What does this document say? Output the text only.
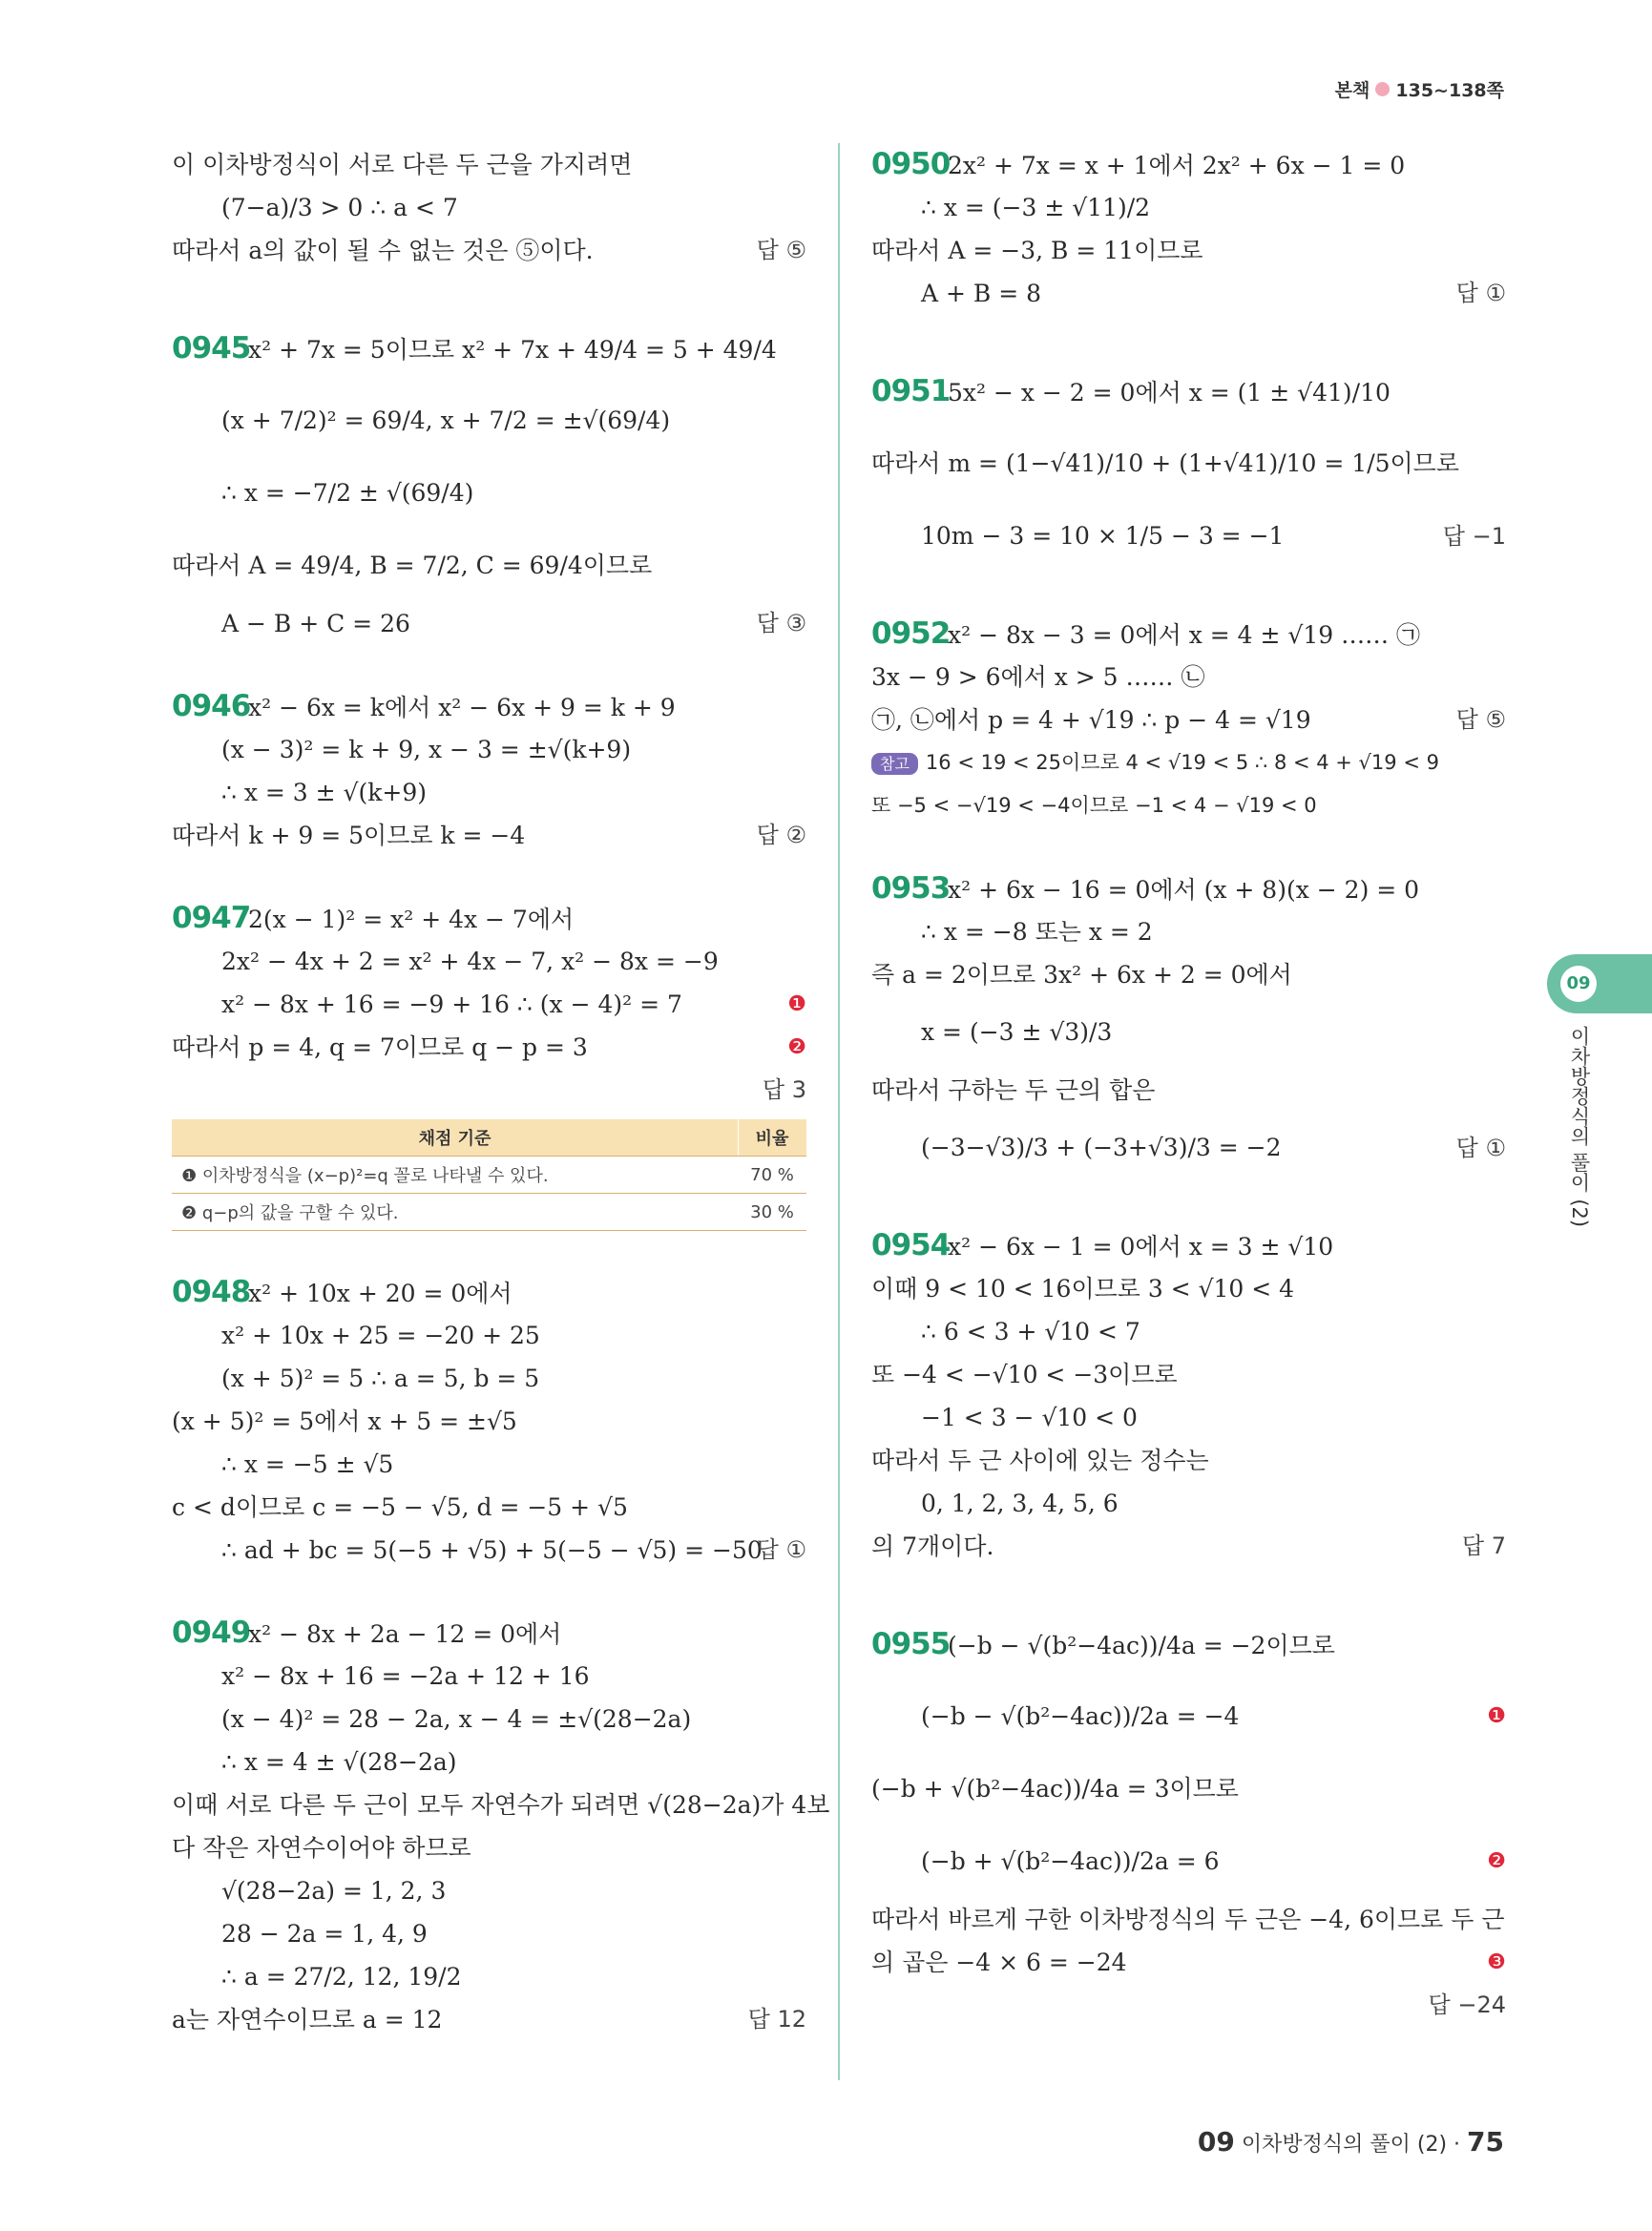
본책 135~138쪽
이 이차방정식이 서로 다른 두 근을 가지려면
(7−a)/3 > 0 ∴ a < 7
따라서 a의 값이 될 수 없는 것은 ⑤이다.	답 ⑤
0945x² + 7x = 5이므로 x² + 7x + 49/4 = 5 + 49/4
(x + 7/2)² = 69/4, x + 7/2 = ±√(69/4)
∴ x = −7/2 ± √(69/4)
따라서 A = 49/4, B = 7/2, C = 69/4이므로
A − B + C = 26	답 ③
0946x² − 6x = k에서 x² − 6x + 9 = k + 9
(x − 3)² = k + 9, x − 3 = ±√(k+9)
∴ x = 3 ± √(k+9)
따라서 k + 9 = 5이므로 k = −4	답 ②
09472(x − 1)² = x² + 4x − 7에서
2x² − 4x + 2 = x² + 4x − 7, x² − 8x = −9
x² − 8x + 16 = −9 + 16 ∴ (x − 4)² = 7	❶
따라서 p = 4, q = 7이므로 q − p = 3	❷
답 3
채점 기준	비율
❶ 이차방정식을 (x−p)²=q 꼴로 나타낼 수 있다.	70 %
❷ q−p의 값을 구할 수 있다.	30 %
0948x² + 10x + 20 = 0에서
x² + 10x + 25 = −20 + 25
(x + 5)² = 5 ∴ a = 5, b = 5
(x + 5)² = 5에서 x + 5 = ±√5
∴ x = −5 ± √5
c < d이므로 c = −5 − √5, d = −5 + √5
∴ ad + bc = 5(−5 + √5) + 5(−5 − √5) = −50
답 ①
0949x² − 8x + 2a − 12 = 0에서
x² − 8x + 16 = −2a + 12 + 16
(x − 4)² = 28 − 2a, x − 4 = ±√(28−2a)
∴ x = 4 ± √(28−2a)
이때 서로 다른 두 근이 모두 자연수가 되려면 √(28−2a)가 4보
다 작은 자연수이어야 하므로
√(28−2a) = 1, 2, 3
28 − 2a = 1, 4, 9
∴ a = 27/2, 12, 19/2
a는 자연수이므로 a = 12	답 12
09502x² + 7x = x + 1에서 2x² + 6x − 1 = 0
∴ x = (−3 ± √11)/2
따라서 A = −3, B = 11이므로
A + B = 8	답 ①
09515x² − x − 2 = 0에서 x = (1 ± √41)/10
따라서 m = (1−√41)/10 + (1+√41)/10 = 1/5이므로
10m − 3 = 10 × 1/5 − 3 = −1	답 −1
0952x² − 8x − 3 = 0에서 x = 4 ± √19 …… ㉠
3x − 9 > 6에서 x > 5 …… ㉡
㉠, ㉡에서 p = 4 + √19 ∴ p − 4 = √19	답 ⑤
참고 16 < 19 < 25이므로 4 < √19 < 5 ∴ 8 < 4 + √19 < 9
또 −5 < −√19 < −4이므로 −1 < 4 − √19 < 0
0953x² + 6x − 16 = 0에서 (x + 8)(x − 2) = 0
∴ x = −8 또는 x = 2
즉 a = 2이므로 3x² + 6x + 2 = 0에서
x = (−3 ± √3)/3
따라서 구하는 두 근의 합은
(−3−√3)/3 + (−3+√3)/3 = −2	답 ①
0954x² − 6x − 1 = 0에서 x = 3 ± √10
이때 9 < 10 < 16이므로 3 < √10 < 4
∴ 6 < 3 + √10 < 7
또 −4 < −√10 < −3이므로
−1 < 3 − √10 < 0
따라서 두 근 사이에 있는 정수는
0, 1, 2, 3, 4, 5, 6
의 7개이다.	답 7
0955(−b − √(b²−4ac))/4a = −2이므로
(−b − √(b²−4ac))/2a = −4	❶
(−b + √(b²−4ac))/4a = 3이므로
(−b + √(b²−4ac))/2a = 6	❷
따라서 바르게 구한 이차방정식의 두 근은 −4, 6이므로 두 근
의 곱은 −4 × 6 = −24	❸
답 −24
09
이차방정식의 풀이 (2)
09 이차방정식의 풀이 (2) · 75
